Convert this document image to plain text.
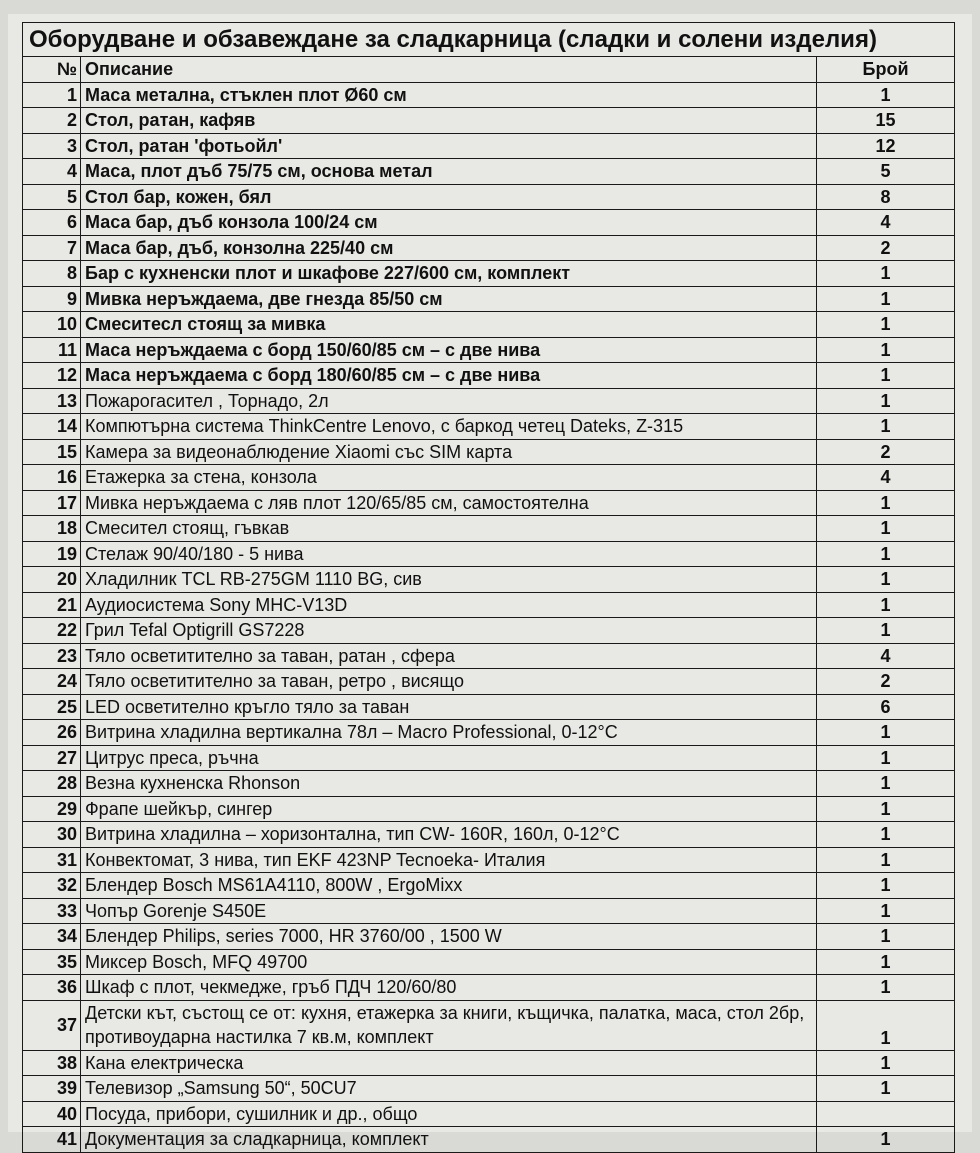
Оборудване и обзавеждане за сладкарница (сладки и солени изделия)		
№	Описание	Брой
1	Маса метална, стъклен плот Ø60 см	1
2	Стол, ратан, кафяв	15
3	Стол, ратан 'фотьойл'	12
4	Маса, плот дъб 75/75 см, основа метал	5
5	Стол бар, кожен, бял	8
6	Маса бар, дъб конзола 100/24 см	4
7	Маса бар, дъб, конзолна 225/40 см	2
8	Бар с кухненски плот и шкафове 227/600 см, комплект	1
9	Мивка неръждаема, две гнезда 85/50 см	1
10	Смеситесл стоящ за мивка	1
11	Маса неръждаема с борд 150/60/85 см – с две нива	1
12	Маса неръждаема с борд 180/60/85 см – с две нива	1
13	Пожарогасител , Торнадо, 2л	1
14	Компютърна система ThinkCentre Lenovo, с баркод четец Dateks, Z-315	1
15	Камера за видеонаблюдение Xiaomi със SIM карта	2
16	Етажерка за стена, конзола	4
17	Мивка неръждаема с ляв плот 120/65/85 см, самостоятелна	1
18	Смесител стоящ, гъвкав	1
19	Стелаж 90/40/180 - 5 нива	1
20	Хладилник TCL RB-275GM 1110 BG, сив	1
21	Аудиосистема Sony MHC-V13D	1
22	Грил Tefal Optigrill GS7228	1
23	Тяло осветитително за таван, ратан , сфера	4
24	Тяло осветитително за таван, ретро , висящо	2
25	LED осветително кръгло тяло за таван	6
26	Витрина хладилна вертикална 78л – Macro Professional, 0-12°C	1
27	Цитрус преса, ръчна	1
28	Везна кухненска Rhonson	1
29	Фрапе шейкър, сингер	1
30	Витрина хладилна – хоризонтална, тип CW- 160R, 160л, 0-12°C	1
31	Конвектомат, 3 нива, тип EKF 423NP Tecnoeka- Италия	1
32	Блендер Bosch MS61A4110, 800W , ErgoMixx	1
33	Чопър Gorenje S450E	1
34	Блендер Philips, series 7000, HR 3760/00 , 1500 W	1
35	Миксер Bosch, MFQ 49700	1
36	Шкаф с плот, чекмедже, гръб ПДЧ 120/60/80	1
37	Детски кът, състощ се от: кухня, етажерка за книги, къщичка, палатка, маса, стол 2бр, противоударна настилка 7 кв.м, комплект	1
38	Кана електрическа	1
39	Телевизор „Samsung 50“, 50CU7	1
40	Посуда, прибори, сушилник и др., общо	
41	Документация за сладкарница, комплект	1
